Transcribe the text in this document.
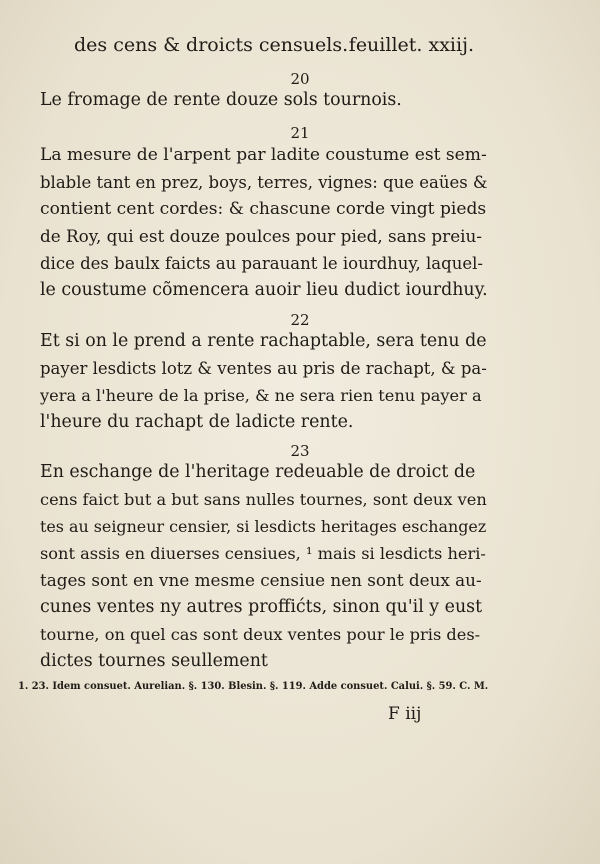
des cens & droicts censuels. feuillet. xxiij.
20
Le fromage de rente douze sols tournois.
21
La mesure de l'arpent par ladite coustume est sem-
blable tant en prez, boys, terres, vignes: que eaües &
contient cent cordes: & chascune corde vingt pieds
de Roy, qui est douze poulces pour pied, sans preiu-
dice des baulx faicts au parauant le iourdhuy, laquel-
le coustume cõmencera auoir lieu dudict iourdhuy.
22
Et si on le prend a rente rachaptable, sera tenu de
payer lesdicts lotz & ventes au pris de rachapt, & pa-
yera a l'heure de la prise, & ne sera rien tenu payer a
l'heure du rachapt de ladicte rente.
23
En eschange de l'heritage redeuable de droict de
cens faict but a but sans nulles tournes, sont deux ven
tes au seigneur censier, si lesdicts heritages eschangez
sont assis en diuerses censiues, ¹ mais si lesdicts heri-
tages sont en vne mesme censiue nen sont deux au-
cunes ventes ny autres proffićts, sinon qu'il y eust
tourne, on quel cas sont deux ventes pour le pris des-
dictes tournes seullement
1. 23. Idem consuet. Aurelian. §. 130. Blesin. §. 119. Adde consuet. Calui. §. 59. C. M.
F iij
